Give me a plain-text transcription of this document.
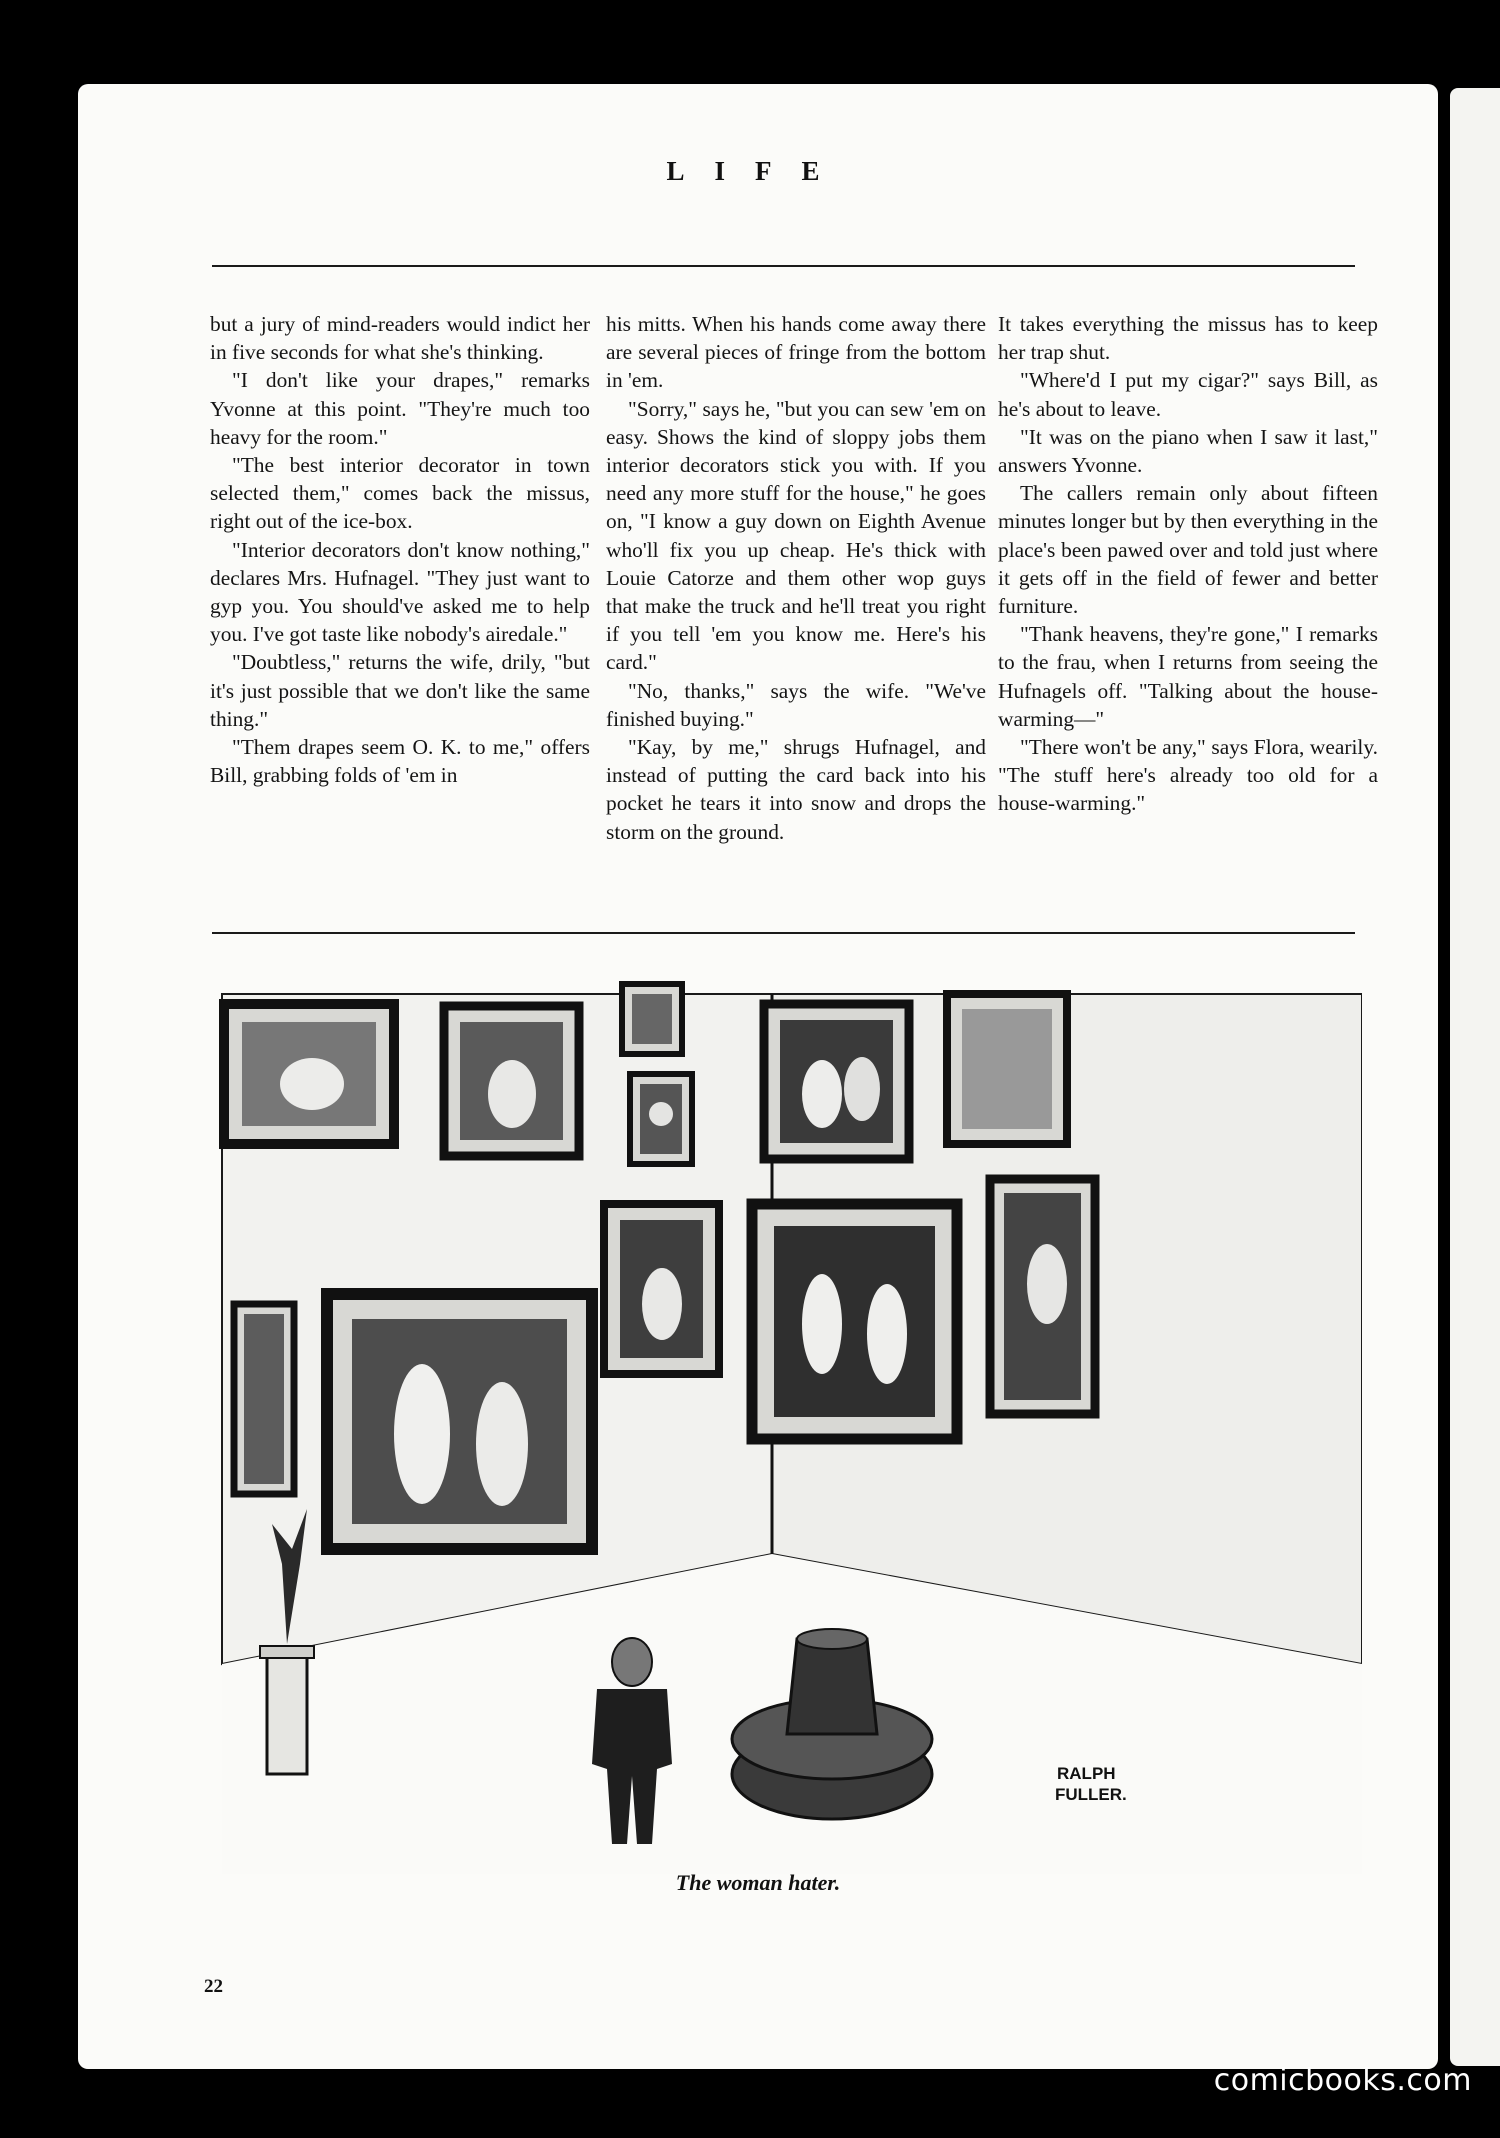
LIFE

but a jury of mind-readers would indict her in five seconds for what she's thinking.

"I don't like your drapes," remarks Yvonne at this point. "They're much too heavy for the room."

"The best interior decorator in town selected them," comes back the missus, right out of the ice-box.

"Interior decorators don't know nothing," declares Mrs. Hufnagel. "They just want to gyp you. You should've asked me to help you. I've got taste like nobody's airedale."

"Doubtless," returns the wife, drily, "but it's just possible that we don't like the same thing."

"Them drapes seem O. K. to me," offers Bill, grabbing folds of 'em in

his mitts. When his hands come away there are several pieces of fringe from the bottom in 'em.

"Sorry," says he, "but you can sew 'em on easy. Shows the kind of sloppy jobs them interior decorators stick you with. If you need any more stuff for the house," he goes on, "I know a guy down on Eighth Avenue who'll fix you up cheap. He's thick with Louie Catorze and them other wop guys that make the truck and he'll treat you right if you tell 'em you know me. Here's his card."

"No, thanks," says the wife. "We've finished buying."

"Kay, by me," shrugs Hufnagel, and instead of putting the card back into his pocket he tears it into snow and drops the storm on the ground.

It takes everything the missus has to keep her trap shut.

"Where'd I put my cigar?" says Bill, as he's about to leave.

"It was on the piano when I saw it last," answers Yvonne.

The callers remain only about fifteen minutes longer but by then everything in the place's been pawed over and told just where it gets off in the field of fewer and better furniture.

"Thank heavens, they're gone," I remarks to the frau, when I returns from seeing the Hufnagels off. "Talking about the house-warming—"

"There won't be any," says Flora, wearily. "The stuff here's already too old for a house-warming."

RALPH
FULLER.
The woman hater.
22
comicbooks.com
